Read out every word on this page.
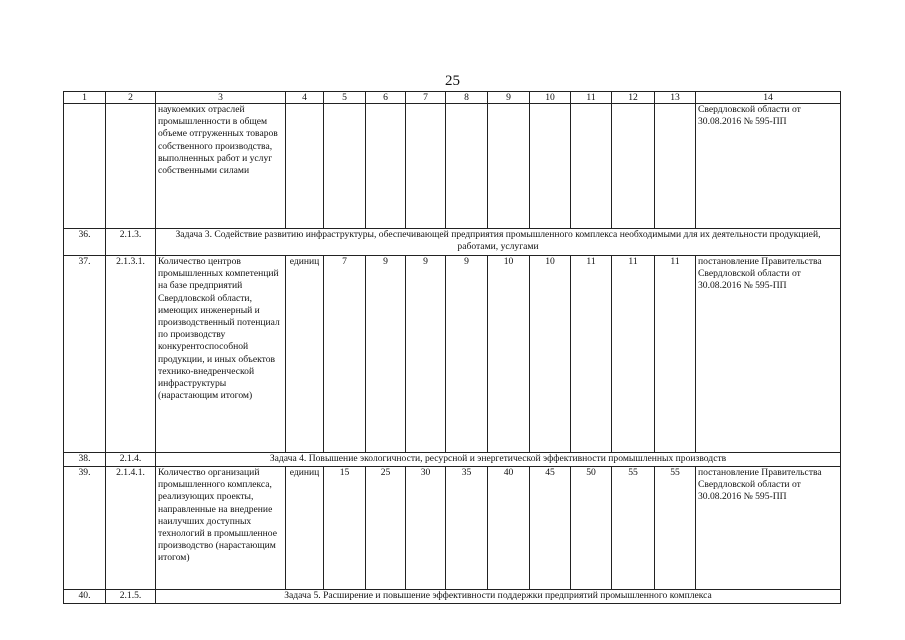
25
1	2	3	4	5	6	7	8	9	10	11	12	13	14
		наукоемких отраслей промышленности в общем объеме отгруженных товаров собственного производства, выполненных работ и услуг собственными силами											Свердловской области от 30.08.2016 № 595-ПП
36.	2.1.3.	Задача 3. Содействие развитию инфраструктуры, обеспечивающей предприятия промышленного комплекса необходимыми для их деятельности продукцией, работами, услугами											
37.	2.1.3.1.	Количество центров промышленных компетенций на базе предприятий Свердловской области, имеющих инженерный и производственный потенциал по производству конкурентоспособной продукции, и иных объектов технико-внедренческой инфраструктуры (нарастающим итогом)	единиц	7	9	9	9	10	10	11	11	11	постановление Правительства Свердловской области от 30.08.2016 № 595-ПП
38.	2.1.4.	Задача 4. Повышение экологичности, ресурсной и энергетической эффективности промышленных производств											
39.	2.1.4.1.	Количество организаций промышленного комплекса, реализующих проекты, направленные на внедрение наилучших доступных технологий в промышленное производство (нарастающим итогом)	единиц	15	25	30	35	40	45	50	55	55	постановление Правительства Свердловской области от 30.08.2016 № 595-ПП
40.	2.1.5.	Задача 5. Расширение и повышение эффективности поддержки предприятий промышленного комплекса											
